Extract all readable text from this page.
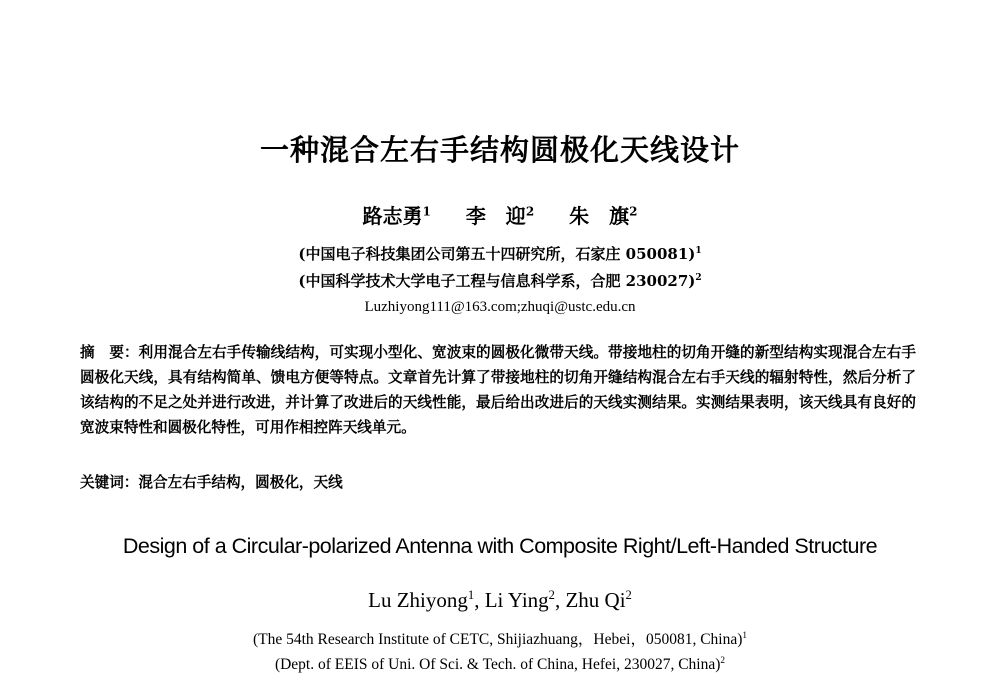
一种混合左右手结构圆极化天线设计
路志勇$^1$ 李　迎$^2$ 朱　旗$^2$
(中国电子科技集团公司第五十四研究所，石家庄 050081)$^1$
(中国科学技术大学电子工程与信息科学系，合肥 230027)$^2$
Luzhiyong111@163.com;zhuqi@ustc.edu.cn
摘　要：利用混合左右手传输线结构，可实现小型化、宽波束的圆极化微带天线。带接地柱的切角开缝的新型结构实现混合左右手圆极化天线，具有结构简单、馈电方便等特点。文章首先计算了带接地柱的切角开缝结构混合左右手天线的辐射特性，然后分析了该结构的不足之处并进行改进，并计算了改进后的天线性能，最后给出改进后的天线实测结果。实测结果表明，该天线具有良好的宽波束特性和圆极化特性，可用作相控阵天线单元。
关键词：混合左右手结构，圆极化，天线
Design of a Circular-polarized Antenna with Composite Right/Left-Handed Structure
Lu Zhiyong$^1$, Li Ying$^2$, Zhu Qi$^2$
(The 54th Research Institute of CETC, Shijiazhuang，Hebei，050081, China)$^1$
(Dept. of EEIS of Uni. Of Sci. & Tech. of China, Hefei, 230027, China)$^2$
